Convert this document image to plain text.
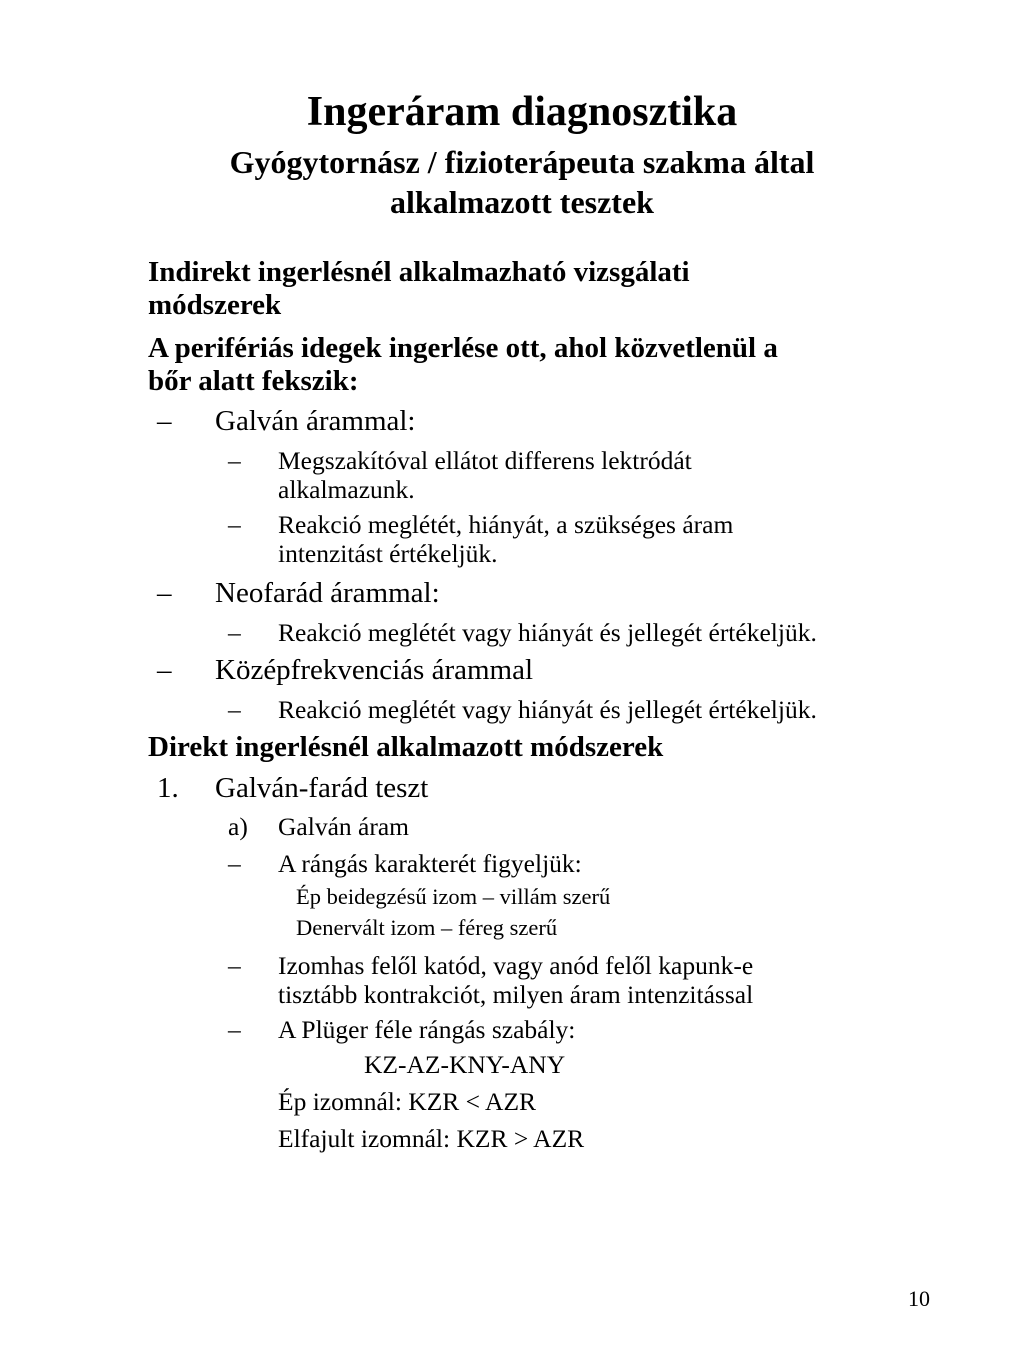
Ingeráram diagnosztika
Gyógytornász / fizioterápeuta szakma által
alkalmazott tesztek
Indirekt ingerlésnél alkalmazható vizsgálati
módszerek
A perifériás idegek ingerlése ott, ahol közvetlenül a
bőr alatt fekszik:
– Galván árammal:
– Megszakítóval ellátot differens lektródát
alkalmazunk.
– Reakció meglétét, hiányát, a szükséges áram
intenzitást értékeljük.
– Neofarád árammal:
– Reakció meglétét vagy hiányát és jellegét értékeljük.
– Középfrekvenciás árammal
– Reakció meglétét vagy hiányát és jellegét értékeljük.
Direkt ingerlésnél alkalmazott módszerek
1. Galván-farád teszt
a) Galván áram
– A rángás karakterét figyeljük:
Ép beidegzésű izom – villám szerű
Denervált izom – féreg szerű
– Izomhas felől katód, vagy anód felől kapunk-e
tisztább kontrakciót, milyen áram intenzitással
– A Plüger féle rángás szabály:
KZ-AZ-KNY-ANY
Ép izomnál: KZR < AZR
Elfajult izomnál: KZR > AZR
10
